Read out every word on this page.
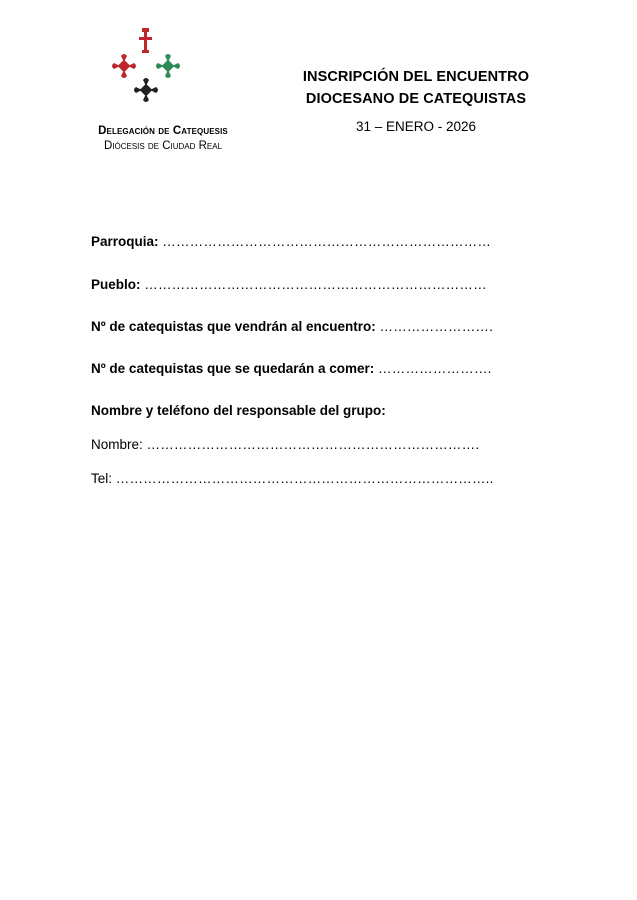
Delegación de Catequesis
Diócesis de Ciudad Real
INSCRIPCIÓN DEL ENCUENTRO
DIOCESANO DE CATEQUISTAS
31 – ENERO - 2026
Parroquia: ………………………………………………………………
Pueblo: …………………………………………………………………
Nº de catequistas que vendrán al encuentro: …………………….
Nº de catequistas que se quedarán a comer: …………………….
Nombre y teléfono del responsable del grupo:
Nombre: ……………………………………………………………….
Tel: ………………………………………………………………………..
